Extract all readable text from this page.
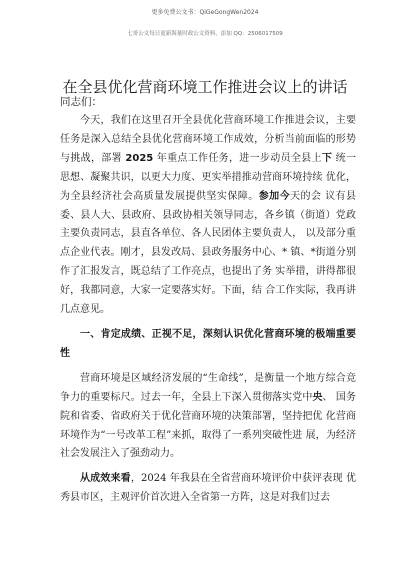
更多免费公文书：QiGeGongWen2024
七哥公文每日更新海量时政公文资料，添加 QQ：2506017509
在全县优化营商环境工作推进会议上的讲话
同志们：

今天，我们在这里召开全县优化营商环境工作推进会议，主要任务是深入总结全县优化营商环境工作成效，分析当前面临的形势与挑战，部署 2025 年重点工作任务，进一步动员全县上下 统一思想、凝聚共识，以更大力度、更实举措推动营商环境持续 优化，为全县经济社会高质量发展提供坚实保障。参加今天的会 议有县委、县人大、县政府、县政协相关领导同志，各乡镇（街道）党政主要负责同志，县直各单位、各人民团体主要负责人， 以及部分重点企业代表。刚才，县发改局、县政务服务中心、* 镇、*街道分别作了汇报发言，既总结了工作亮点，也提出了务 实举措，讲得都很好，我都同意，大家一定要落实好。下面，结 合工作实际，我再讲几点意见。

一、肯定成绩、正视不足，深刻认识优化营商环境的极端重要性

营商环境是区域经济发展的“生命线”，是衡量一个地方综合竞争力的重要标尺。过去一年，全县上下深入贯彻落实党中央、 国务院和省委、省政府关于优化营商环境的决策部署，坚持把优 化营商环境作为“一号改革工程”来抓，取得了一系列突破性进 展，为经济社会发展注入了强劲动力。

从成效来看，2024 年我县在全省营商环境评价中获评表现 优秀县市区，主观评价首次进入全省第一方阵，这是对我们过去
